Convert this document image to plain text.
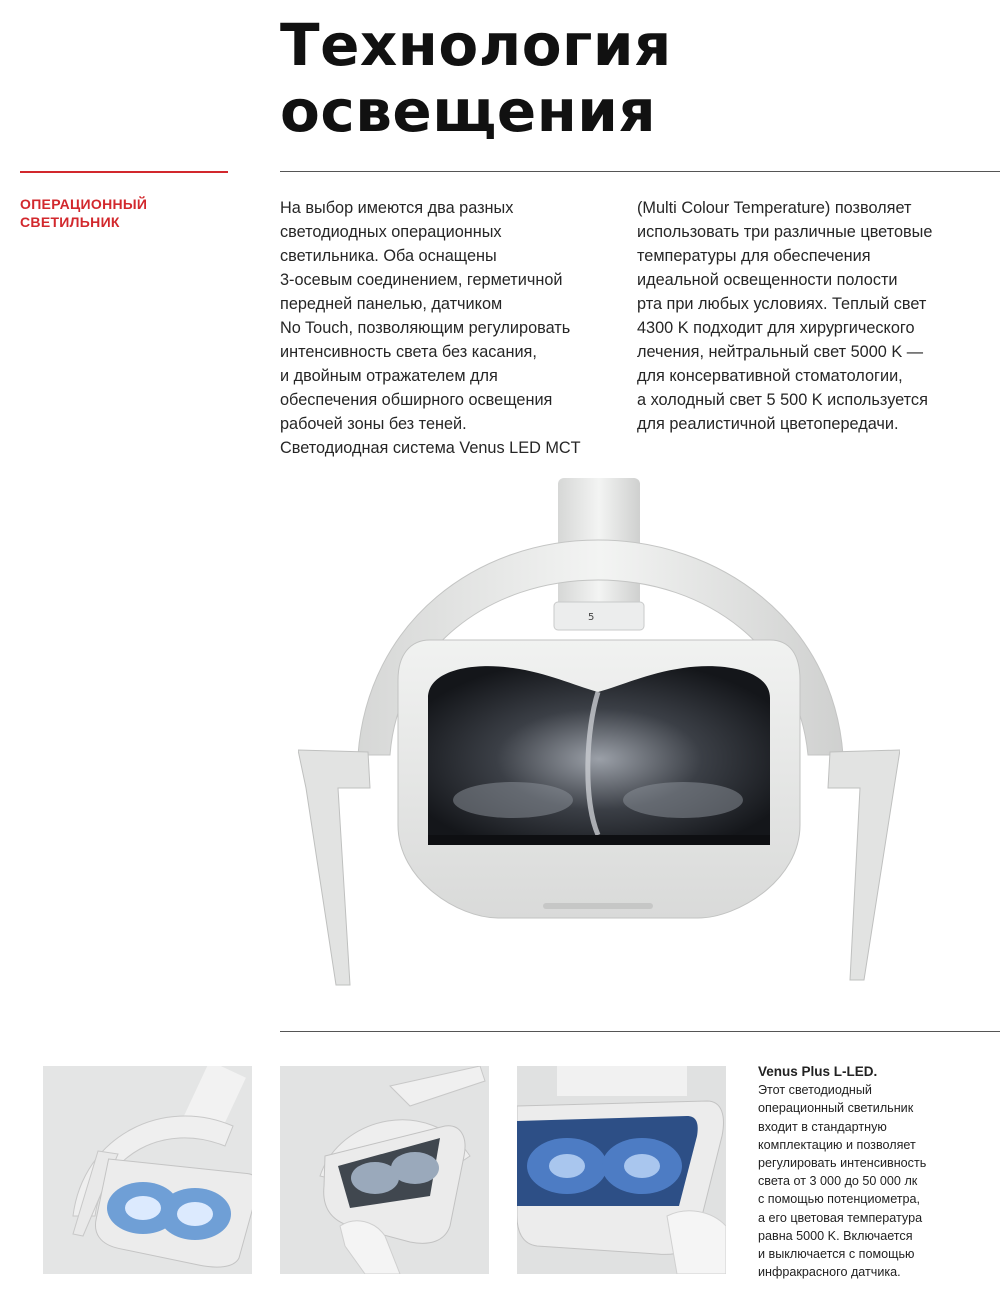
Технология
освещения
ОПЕРАЦИОННЫЙ
СВЕТИЛЬНИК
На выбор имеются два разных
светодиодных операционных
светильника. Оба оснащены
3-осевым соединением, герметичной
передней панелью, датчиком
No Touch, позволяющим регулировать
интенсивность света без касания,
и двойным отражателем для
обеспечения обширного освещения
рабочей зоны без теней.
Светодиодная система Venus LED MCT
(Multi Colour Temperature) позволяет
использовать три различные цветовые
температуры для обеспечения
идеальной освещенности полости
рта при любых условиях. Теплый свет
4300 K подходит для хирургического
лечения, нейтральный свет 5000 K —
для консервативной стоматологии,
а холодный свет 5 500 K используется
для реалистичной цветопередачи.
5
Venus Plus L-LED.
Этот светодиодный
операционный светильник
входит в стандартную
комплектацию и позволяет
регулировать интенсивность
света от 3 000 до 50 000 лк
с помощью потенциометра,
а его цветовая температура
равна 5000 K. Включается
и выключается с помощью
инфракрасного датчика.
